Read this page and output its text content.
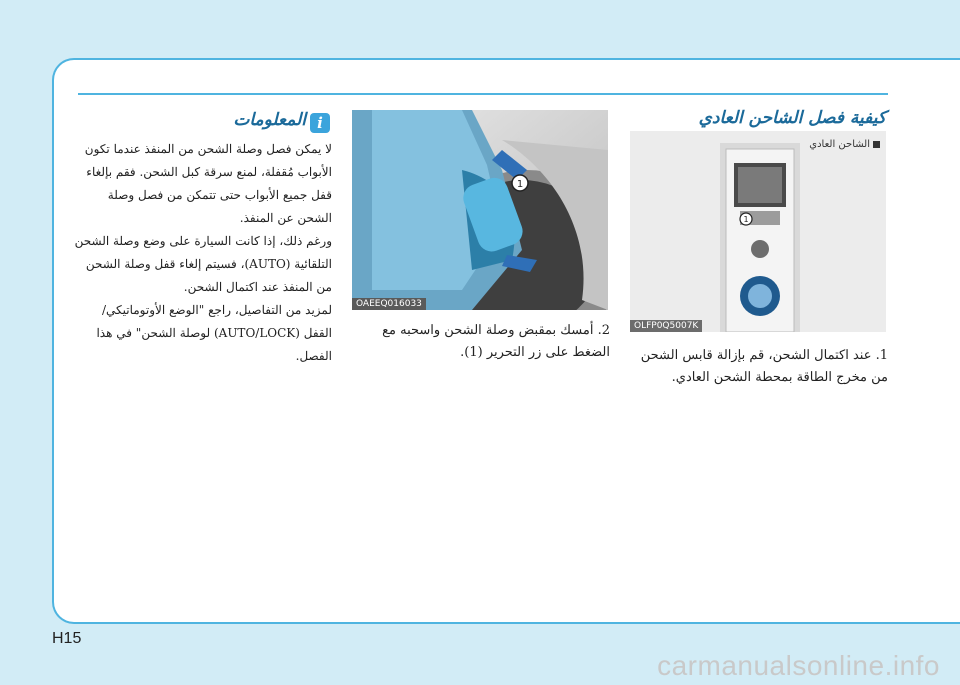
i
المعلومات
لا يمكن فصل وصلة الشحن من المنفذ عندما تكون الأبواب مُقفلة، لمنع سرقة كبل الشحن. فقم بإلغاء قفل جميع الأبواب حتى تتمكن من فصل وصلة الشحن عن المنفذ.
ورغم ذلك، إذا كانت السيارة على وضع وصلة الشحن التلقائية (AUTO)، فسيتم إلغاء قفل وصلة الشحن من المنفذ عند اكتمال الشحن.
لمزيد من التفاصيل، راجع "الوضع الأوتوماتيكي/ القفل (AUTO/LOCK) لوصلة الشحن" في هذا الفصل.
1
OAEEQ016033
2. أمسك بمقبض وصلة الشحن واسحبه مع الضغط على زر التحرير (1).
كيفية فصل الشاحن العادي
1
الشاحن العادي
OLFP0Q5007K
1. عند اكتمال الشحن، قم بإزالة قابس الشحن من مخرج الطاقة بمحطة الشحن العادي.
H15
carmanualsonline.info
